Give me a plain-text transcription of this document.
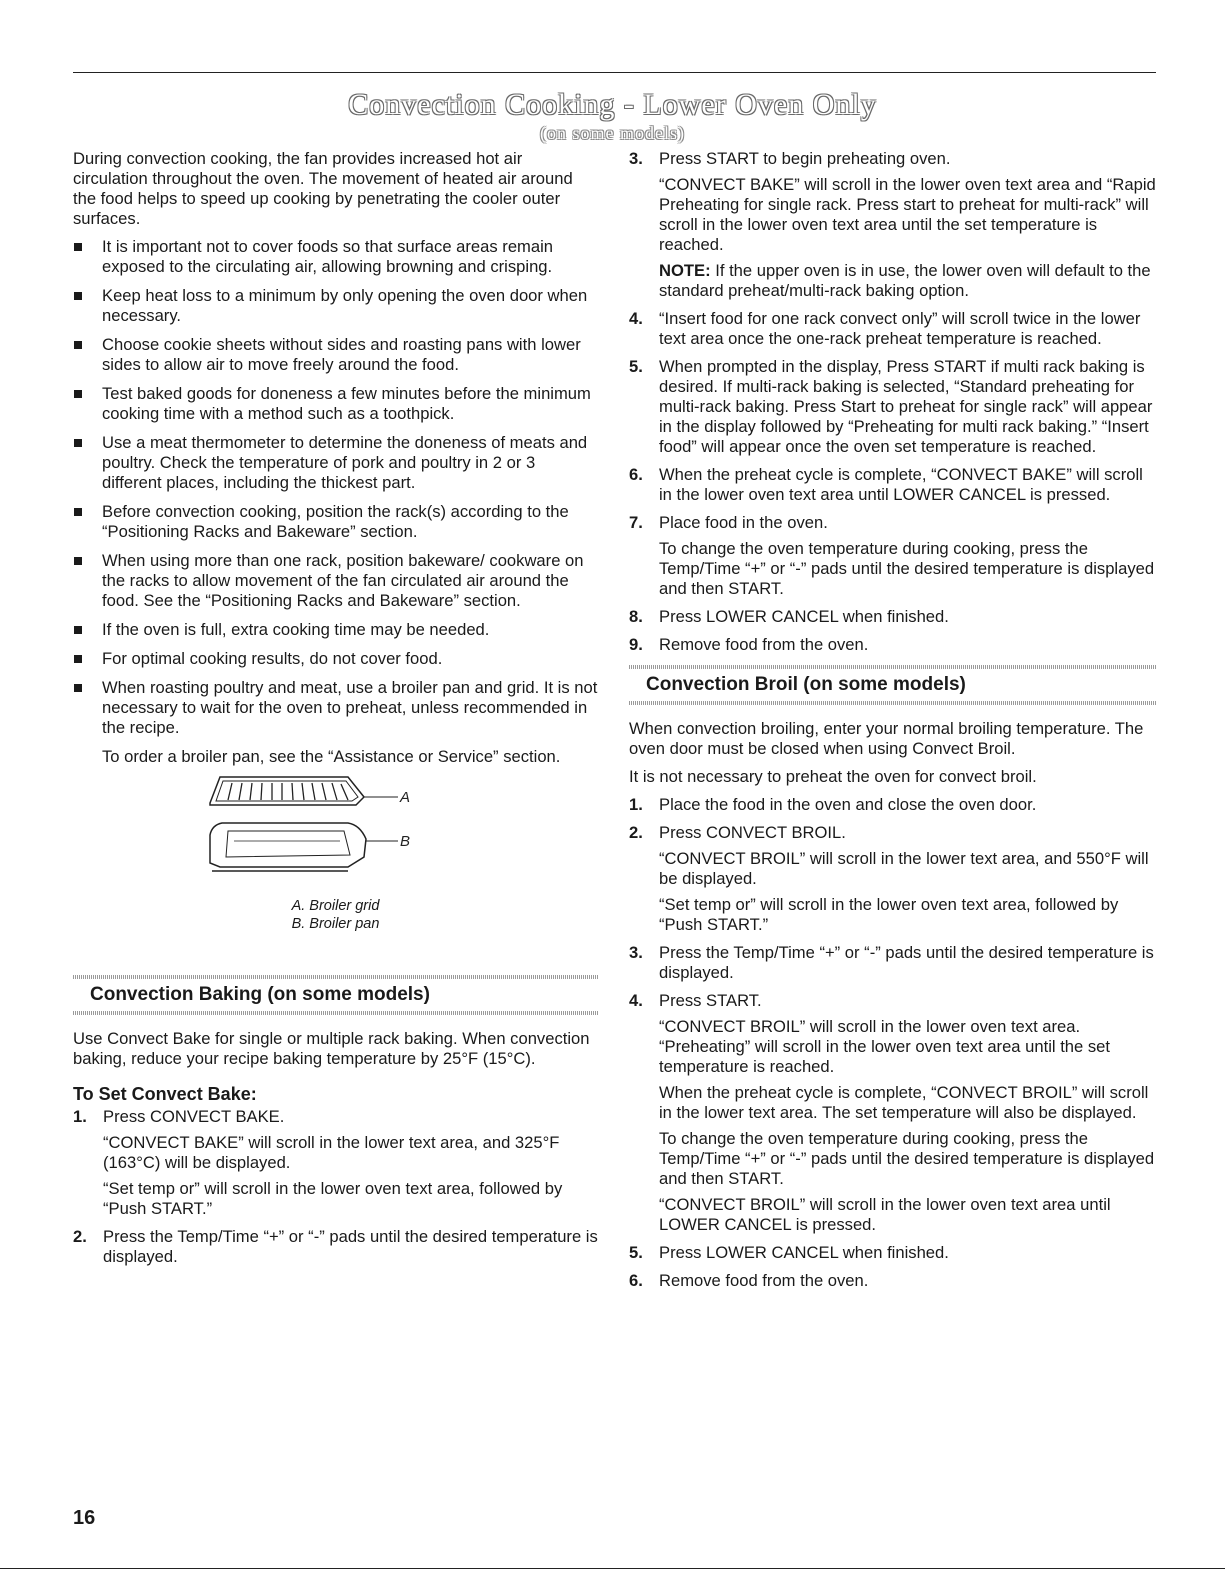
Convection Cooking - Lower Oven Only
(on some models)

During convection cooking, the fan provides increased hot air circulation throughout the oven. The movement of heated air around the food helps to speed up cooking by penetrating the cooler outer surfaces.

It is important not to cover foods so that surface areas remain exposed to the circulating air, allowing browning and crisping.
Keep heat loss to a minimum by only opening the oven door when necessary.
Choose cookie sheets without sides and roasting pans with lower sides to allow air to move freely around the food.
Test baked goods for doneness a few minutes before the minimum cooking time with a method such as a toothpick.
Use a meat thermometer to determine the doneness of meats and poultry. Check the temperature of pork and poultry in 2 or 3 different places, including the thickest part.
Before convection cooking, position the rack(s) according to the “Positioning Racks and Bakeware” section.
When using more than one rack, position bakeware/ cookware on the racks to allow movement of the fan circulated air around the food. See the “Positioning Racks and Bakeware” section.
If the oven is full, extra cooking time may be needed.
For optimal cooking results, do not cover food.
When roasting poultry and meat, use a broiler pan and grid. It is not necessary to wait for the oven to preheat, unless recommended in the recipe.

To order a broiler pan, see the “Assistance or Service” section.

A
B
A. Broiler grid
B. Broiler pan
Convection Baking (on some models)

Use Convect Bake for single or multiple rack baking. When convection baking, reduce your recipe baking temperature by 25°F (15°C).

To Set Convect Bake:
1. Press CONVECT BAKE.
“CONVECT BAKE” will scroll in the lower text area, and 325°F (163°C) will be displayed.
“Set temp or” will scroll in the lower oven text area, followed by “Push START.”
2. Press the Temp/Time “+” or “-” pads until the desired temperature is displayed.
3. Press START to begin preheating oven.
“CONVECT BAKE” will scroll in the lower oven text area and “Rapid Preheating for single rack. Press start to preheat for multi-rack” will scroll in the lower oven text area until the set temperature is reached.
NOTE: If the upper oven is in use, the lower oven will default to the standard preheat/multi-rack baking option.
4. “Insert food for one rack convect only” will scroll twice in the lower text area once the one-rack preheat temperature is reached.
5. When prompted in the display, Press START if multi rack baking is desired. If multi-rack baking is selected, “Standard preheating for multi-rack baking. Press Start to preheat for single rack” will appear in the display followed by “Preheating for multi rack baking.” “Insert food” will appear once the oven set temperature is reached.
6. When the preheat cycle is complete, “CONVECT BAKE” will scroll in the lower oven text area until LOWER CANCEL is pressed.
7. Place food in the oven.
To change the oven temperature during cooking, press the Temp/Time “+” or “-” pads until the desired temperature is displayed and then START.
8. Press LOWER CANCEL when finished.
9. Remove food from the oven.
Convection Broil (on some models)

When convection broiling, enter your normal broiling temperature. The oven door must be closed when using Convect Broil.

It is not necessary to preheat the oven for convect broil.

1. Place the food in the oven and close the oven door.
2. Press CONVECT BROIL.
“CONVECT BROIL” will scroll in the lower text area, and 550°F will be displayed.
“Set temp or” will scroll in the lower oven text area, followed by “Push START.”
3. Press the Temp/Time “+” or “-” pads until the desired temperature is displayed.
4. Press START.
“CONVECT BROIL” will scroll in the lower oven text area. “Preheating” will scroll in the lower oven text area until the set temperature is reached.
When the preheat cycle is complete, “CONVECT BROIL” will scroll in the lower text area. The set temperature will also be displayed.
To change the oven temperature during cooking, press the Temp/Time “+” or “-” pads until the desired temperature is displayed and then START.
“CONVECT BROIL” will scroll in the lower oven text area until LOWER CANCEL is pressed.
5. Press LOWER CANCEL when finished.
6. Remove food from the oven.
16
